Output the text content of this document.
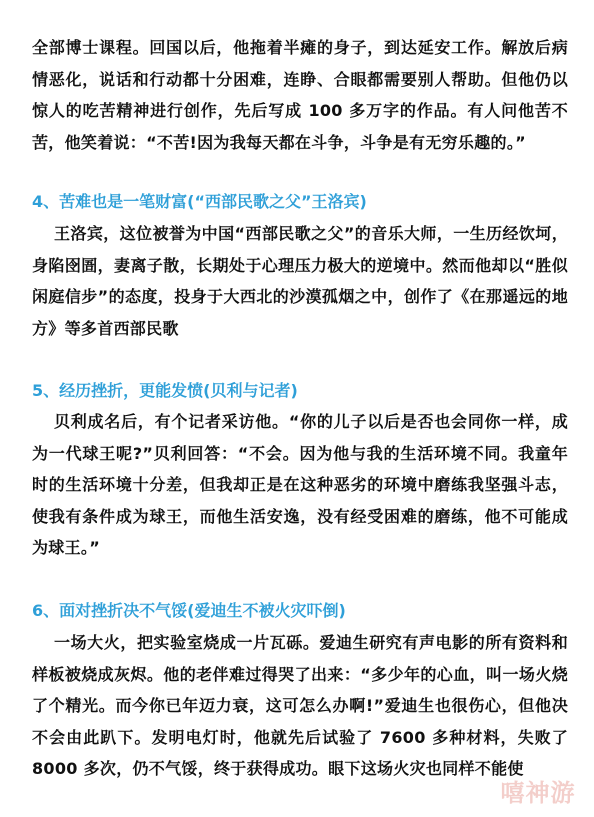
全部博士课程。回国以后，他拖着半瘫的身子，到达延安工作。解放后病情恶化，说话和行动都十分困难，连睁、合眼都需要别人帮助。但他仍以惊人的吃苦精神进行创作，先后写成 100 多万字的作品。有人问他苦不苦，他笑着说：“不苦!因为我每天都在斗争，斗争是有无穷乐趣的。”

4、苦难也是一笔财富(“西部民歌之父”王洛宾)

王洛宾，这位被誉为中国“西部民歌之父”的音乐大师，一生历经饮坷，身陷囹圄，妻离子散，长期处于心理压力极大的逆境中。然而他却以“胜似闲庭信步”的态度，投身于大西北的沙漠孤烟之中，创作了《在那遥远的地方》等多首西部民歌

5、经历挫折，更能发愤(贝利与记者)

贝利成名后，有个记者采访他。“你的儿子以后是否也会同你一样，成为一代球王呢?”贝利回答：“不会。因为他与我的生活环境不同。我童年时的生活环境十分差，但我却正是在这种恶劣的环境中磨练我坚强斗志，使我有条件成为球王，而他生活安逸，没有经受困难的磨练，他不可能成为球王。”

6、面对挫折决不气馁(爱迪生不被火灾吓倒)

一场大火，把实验室烧成一片瓦砾。爱迪生研究有声电影的所有资料和样板被烧成灰烬。他的老伴难过得哭了出来：“多少年的心血，叫一场火烧了个精光。而今你已年迈力衰，这可怎么办啊!”爱迪生也很伤心，但他决不会由此趴下。发明电灯时，他就先后试验了 7600 多种材料，失败了 8000 多次，仍不气馁，终于获得成功。眼下这场火灾也同样不能使

嘻神游
